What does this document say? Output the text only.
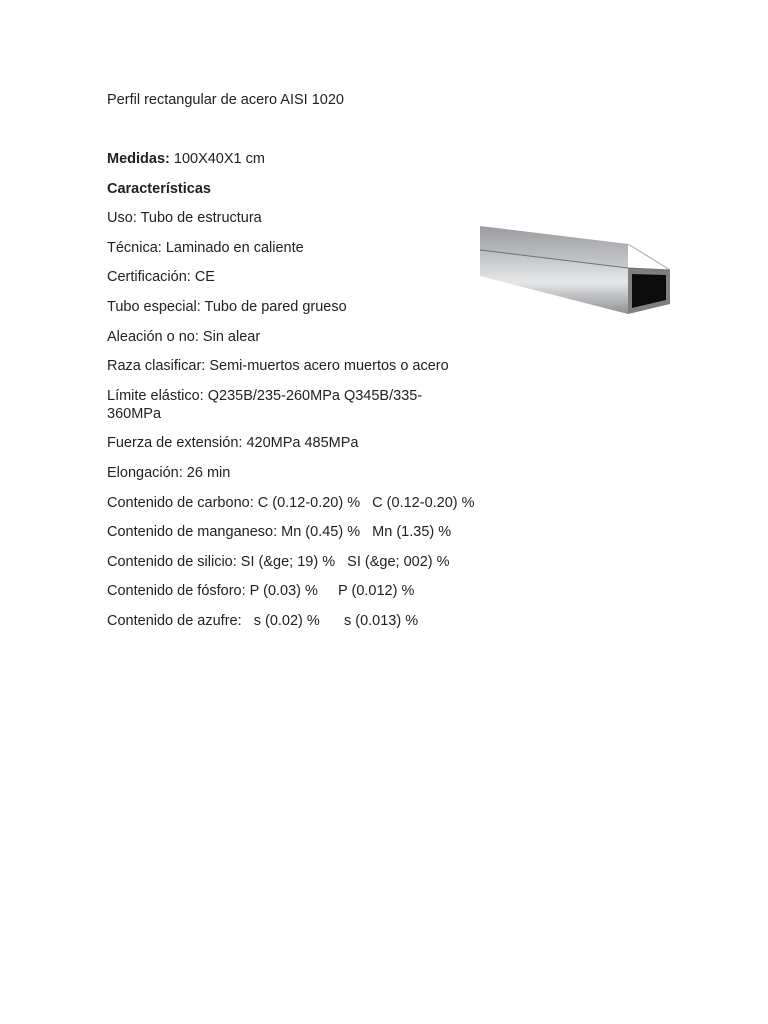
Perfil rectangular de acero AISI 1020

Medidas: 100X40X1 cm

Características

Uso: Tubo de estructura

Técnica: Laminado en caliente

Certificación: CE

Tubo especial: Tubo de pared grueso

Aleación o no: Sin alear

Raza clasificar: Semi-muertos acero muertos o acero

Límite elástico: Q235B/235-260MPa Q345B/335-360MPa

Fuerza de extensión: 420MPa 485MPa

Elongación: 26 min

Contenido de carbono: C (0.12-0.20) %   C (0.12-0.20) %

Contenido de manganeso: Mn (0.45) %   Mn (1.35) %

Contenido de silicio: SI (&ge; 19) %   SI (&ge; 002) %

Contenido de fósforo: P (0.03) %     P (0.012) %

Contenido de azufre:   s (0.02) %      s (0.013) %
